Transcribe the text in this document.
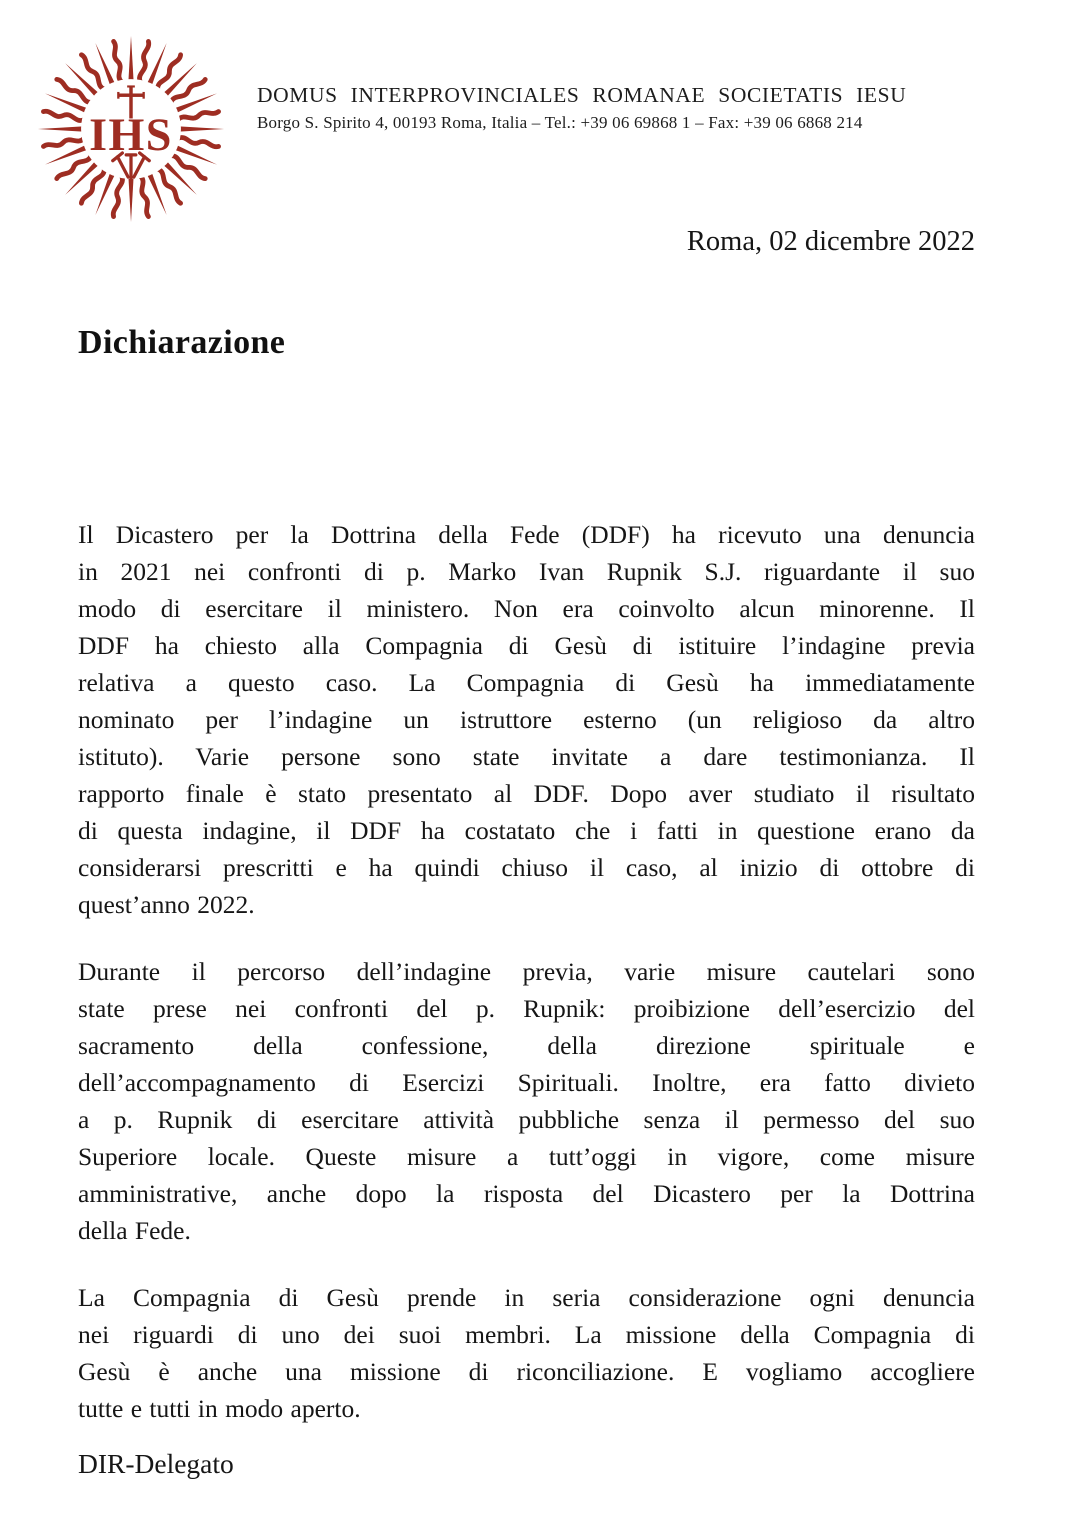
IHS
DOMUS INTERPROVINCIALES ROMANAE SOCIETATIS IESU
Borgo S. Spirito 4, 00193 Roma, Italia – Tel.: +39 06 69868 1 – Fax: +39 06 6868 214
Roma, 02 dicembre 2022
Dichiarazione
Il Dicastero per la Dottrina della Fede (DDF) ha ricevuto una denuncia
in 2021 nei confronti di p. Marko Ivan Rupnik S.J. riguardante il suo
modo di esercitare il ministero. Non era coinvolto alcun minorenne. Il
DDF ha chiesto alla Compagnia di Gesù di istituire l’indagine previa
relativa a questo caso. La Compagnia di Gesù ha immediatamente
nominato per l’indagine un istruttore esterno (un religioso da altro
istituto). Varie persone sono state invitate a dare testimonianza. Il
rapporto finale è stato presentato al DDF. Dopo aver studiato il risultato
di questa indagine, il DDF ha costatato che i fatti in questione erano da
considerarsi prescritti e ha quindi chiuso il caso, al inizio di ottobre di
quest’anno 2022.
Durante il percorso dell’indagine previa, varie misure cautelari sono
state prese nei confronti del p. Rupnik: proibizione dell’esercizio del
sacramento della confessione, della direzione spirituale e
dell’accompagnamento di Esercizi Spirituali. Inoltre, era fatto divieto
a p. Rupnik di esercitare attività pubbliche senza il permesso del suo
Superiore locale. Queste misure a tutt’oggi in vigore, come misure
amministrative, anche dopo la risposta del Dicastero per la Dottrina
della Fede.
La Compagnia di Gesù prende in seria considerazione ogni denuncia
nei riguardi di uno dei suoi membri. La missione della Compagnia di
Gesù è anche una missione di riconciliazione. E vogliamo accogliere
tutte e tutti in modo aperto.
DIR-Delegato
